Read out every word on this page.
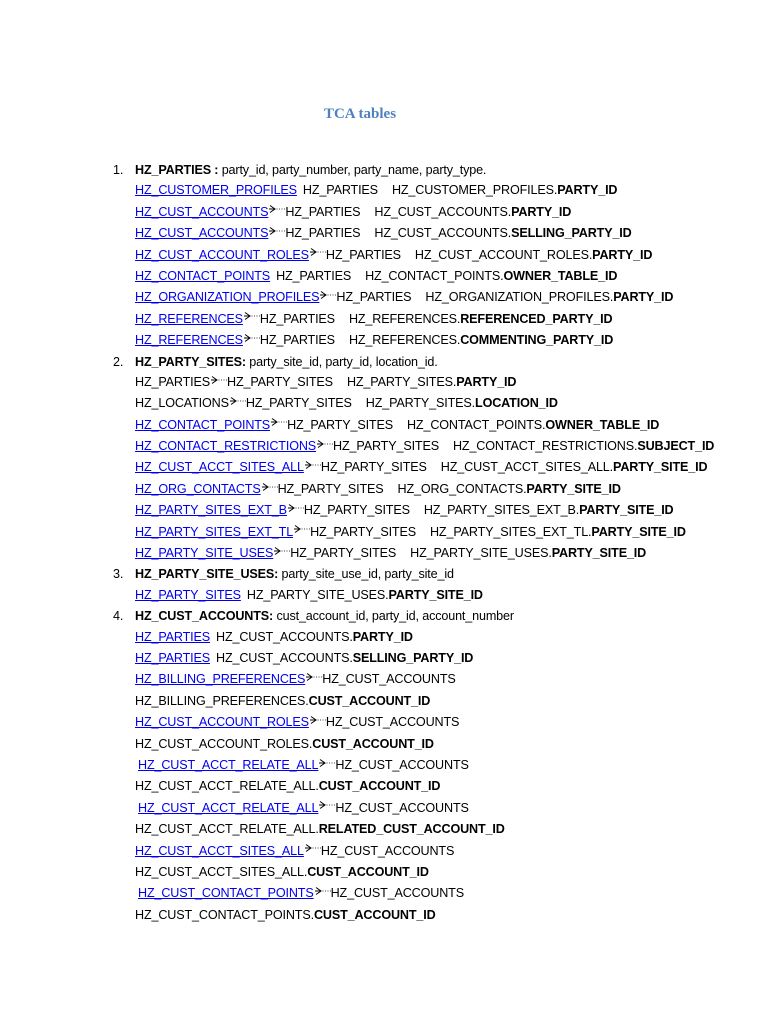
TCA tables
1. HZ_PARTIES : party_id, party_number, party_name, party_type.
HZ_CUSTOMER_PROFILES HZ_PARTIES HZ_CUSTOMER_PROFILES.PARTY_ID
HZ_CUST_ACCOUNTS HZ_PARTIES HZ_CUST_ACCOUNTS.PARTY_ID
HZ_CUST_ACCOUNTS HZ_PARTIES HZ_CUST_ACCOUNTS.SELLING_PARTY_ID
HZ_CUST_ACCOUNT_ROLES HZ_PARTIES HZ_CUST_ACCOUNT_ROLES.PARTY_ID
HZ_CONTACT_POINTS HZ_PARTIES HZ_CONTACT_POINTS.OWNER_TABLE_ID
HZ_ORGANIZATION_PROFILES HZ_PARTIES HZ_ORGANIZATION_PROFILES.PARTY_ID
HZ_REFERENCES HZ_PARTIES HZ_REFERENCES.REFERENCED_PARTY_ID
HZ_REFERENCES HZ_PARTIES HZ_REFERENCES.COMMENTING_PARTY_ID
2. HZ_PARTY_SITES: party_site_id, party_id, location_id.
HZ_PARTIES HZ_PARTY_SITES HZ_PARTY_SITES.PARTY_ID
HZ_LOCATIONS HZ_PARTY_SITES HZ_PARTY_SITES.LOCATION_ID
HZ_CONTACT_POINTS HZ_PARTY_SITES HZ_CONTACT_POINTS.OWNER_TABLE_ID
HZ_CONTACT_RESTRICTIONS HZ_PARTY_SITES HZ_CONTACT_RESTRICTIONS.SUBJECT_ID
HZ_CUST_ACCT_SITES_ALL HZ_PARTY_SITES HZ_CUST_ACCT_SITES_ALL.PARTY_SITE_ID
HZ_ORG_CONTACTS HZ_PARTY_SITES HZ_ORG_CONTACTS.PARTY_SITE_ID
HZ_PARTY_SITES_EXT_B HZ_PARTY_SITES HZ_PARTY_SITES_EXT_B.PARTY_SITE_ID
HZ_PARTY_SITES_EXT_TL HZ_PARTY_SITES HZ_PARTY_SITES_EXT_TL.PARTY_SITE_ID
HZ_PARTY_SITE_USES HZ_PARTY_SITES HZ_PARTY_SITE_USES.PARTY_SITE_ID
3. HZ_PARTY_SITE_USES: party_site_use_id, party_site_id
HZ_PARTY_SITES HZ_PARTY_SITE_USES.PARTY_SITE_ID
4. HZ_CUST_ACCOUNTS: cust_account_id, party_id, account_number
HZ_PARTIES HZ_CUST_ACCOUNTS.PARTY_ID
HZ_PARTIES HZ_CUST_ACCOUNTS.SELLING_PARTY_ID
HZ_BILLING_PREFERENCES HZ_CUST_ACCOUNTS
HZ_BILLING_PREFERENCES.CUST_ACCOUNT_ID
HZ_CUST_ACCOUNT_ROLES HZ_CUST_ACCOUNTS
HZ_CUST_ACCOUNT_ROLES.CUST_ACCOUNT_ID
HZ_CUST_ACCT_RELATE_ALL HZ_CUST_ACCOUNTS
HZ_CUST_ACCT_RELATE_ALL.CUST_ACCOUNT_ID
HZ_CUST_ACCT_RELATE_ALL HZ_CUST_ACCOUNTS
HZ_CUST_ACCT_RELATE_ALL.RELATED_CUST_ACCOUNT_ID
HZ_CUST_ACCT_SITES_ALL HZ_CUST_ACCOUNTS
HZ_CUST_ACCT_SITES_ALL.CUST_ACCOUNT_ID
HZ_CUST_CONTACT_POINTS HZ_CUST_ACCOUNTS
HZ_CUST_CONTACT_POINTS.CUST_ACCOUNT_ID
